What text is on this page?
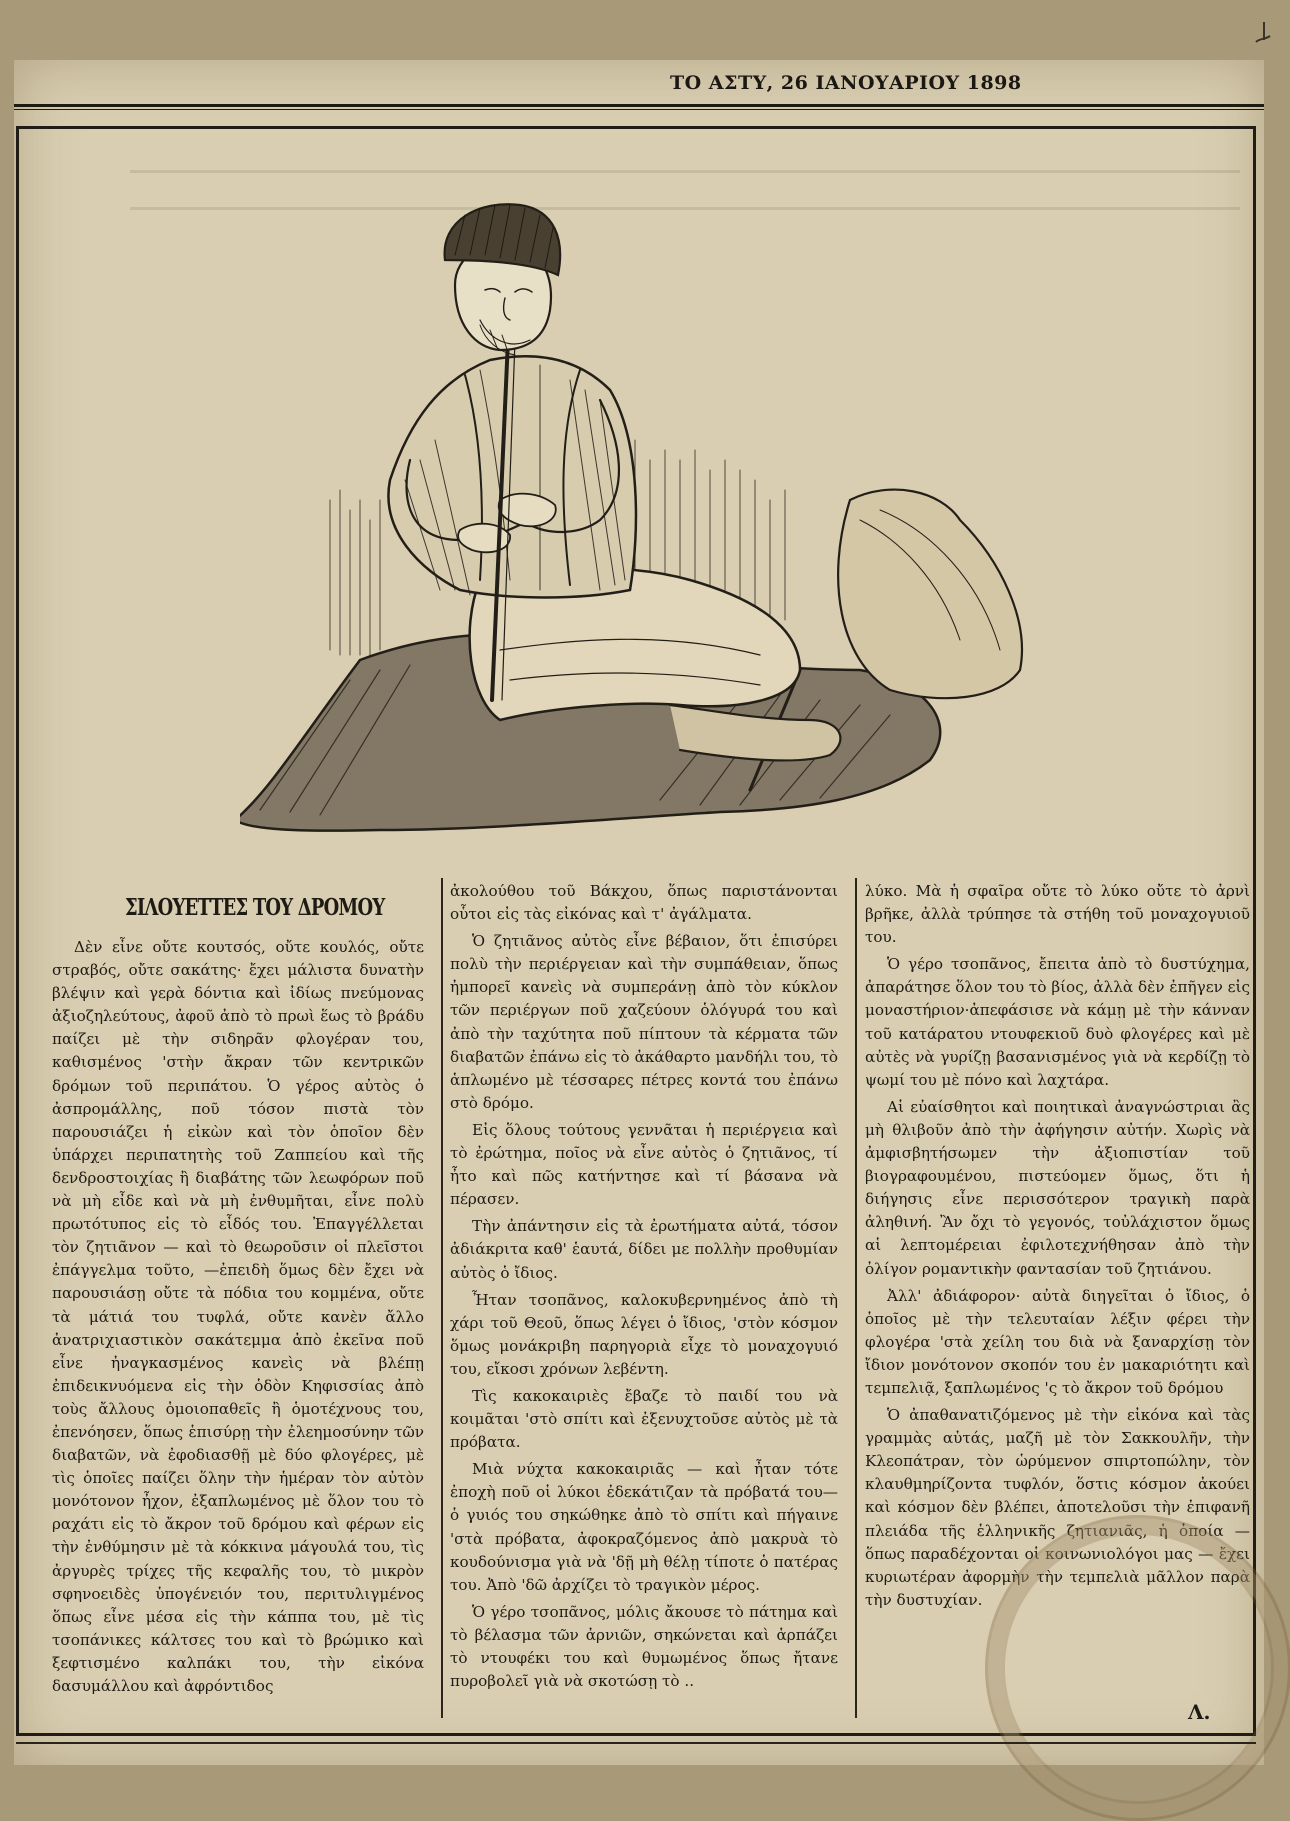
ΤΟ ΑΣΤΥ, 26 ΙΑΝΟΥΑΡΙΟΥ 1898

Δὲν εἶνε οὔτε κουτσός, οὔτε κουλός, οὔτε στραβός, οὔτε σακάτης· ἔχει μάλιστα δυνατὴν βλέψιν καὶ γερὰ δόντια καὶ ἰδίως πνεύμονας ἀξιοζηλεύτους, ἀφοῦ ἀπὸ τὸ πρωὶ ἕως τὸ βράδυ παίζει μὲ τὴν σιδηρᾶν φλογέραν του, καθισμένος 'στὴν ἄκραν τῶν κεντρικῶν δρόμων τοῦ περιπάτου. Ὁ γέρος αὐτὸς ὁ ἀσπρομάλλης, ποῦ τόσον πιστὰ τὸν παρουσιάζει ἡ εἰκὼν καὶ τὸν ὁποῖον δὲν ὑπάρχει περιπατητὴς τοῦ Ζαππείου καὶ τῆς δενδροστοιχίας ἢ διαβάτης τῶν λεωφόρων ποῦ νὰ μὴ εἶδε καὶ νὰ μὴ ἐνθυμῆται, εἶνε πολὺ πρωτότυπος εἰς τὸ εἶδός του. Ἐπαγγέλλεται τὸν ζητιᾶνον — καὶ τὸ θεωροῦσιν οἱ πλεῖστοι ἐπάγγελμα τοῦτο, —ἐπειδὴ ὅμως δὲν ἔχει νὰ παρουσιάσῃ οὔτε τὰ πόδια του κομμένα, οὔτε τὰ μάτιά του τυφλά, οὔτε κανὲν ἄλλο ἀνατριχιαστικὸν σακάτεμμα ἀπὸ ἐκεῖνα ποῦ εἶνε ἠναγκασμένος κανεὶς νὰ βλέπῃ ἐπιδεικνυόμενα εἰς τὴν ὁδὸν Κηφισσίας ἀπὸ τοὺς ἄλλους ὁμοιοπαθεῖς ἢ ὁμοτέχνους του, ἐπενόησεν, ὅπως ἑπισύρῃ τὴν ἐλεημοσύνην τῶν διαβατῶν, νὰ ἐφοδιασθῇ μὲ δύο φλογέρες, μὲ τὶς ὁποῖες παίζει ὅλην τὴν ἡμέραν τὸν αὐτὸν μονότονον ἦχον, ἐξαπλωμένος μὲ ὅλον του τὸ ραχάτι εἰς τὸ ἄκρον τοῦ δρόμου καὶ φέρων εἰς τὴν ἐνθύμησιν μὲ τὰ κόκκινα μάγουλά του, τὶς ἀργυρὲς τρίχες τῆς κεφαλῆς του, τὸ μικρὸν σφηνοειδὲς ὑπογένειόν του, περιτυλιγμένος ὅπως εἶνε μέσα εἰς τὴν κάππα του, μὲ τὶς τσοπάνικες κάλτσες του καὶ τὸ βρώμικο καὶ ξεφτισμένο καλπάκι του, τὴν εἰκόνα δασυμάλλου καὶ ἀφρόντιδος

ΣΙΛΟΥΕΤΤΕΣ ΤΟΥ ΔΡΟΜΟΥ

ἀκολούθου τοῦ Βάκχου, ὅπως παριστάνονται οὗτοι εἰς τὰς εἰκόνας καὶ τ' ἀγάλματα.

Ὁ ζητιᾶνος αὐτὸς εἶνε βέβαιον, ὅτι ἐπισύρει πολὺ τὴν περιέργειαν καὶ τὴν συμπάθειαν, ὅπως ἠμπορεῖ κανεὶς νὰ συμπεράνῃ ἀπὸ τὸν κύκλον τῶν περιέργων ποῦ χαζεύουν ὁλόγυρά του καὶ ἀπὸ τὴν ταχύτητα ποῦ πίπτουν τὰ κέρματα τῶν διαβατῶν ἐπάνω εἰς τὸ ἀκάθαρτο μανδήλι του, τὸ ἁπλωμένο μὲ τέσσαρες πέτρες κοντά του ἐπάνω στὸ δρόμο.

Εἰς ὅλους τούτους γεννᾶται ἡ περιέργεια καὶ τὸ ἐρώτημα, ποῖος νὰ εἶνε αὐτὸς ὁ ζητιᾶνος, τί ἦτο καὶ πῶς κατήντησε καὶ τί βάσανα νὰ πέρασεν.

Τὴν ἀπάντησιν εἰς τὰ ἐρωτήματα αὐτά, τόσον ἀδιάκριτα καθ' ἑαυτά, δίδει με πολλὴν προθυμίαν αὐτὸς ὁ ἴδιος.

Ἦταν τσοπᾶνος, καλοκυβερνημένος ἀπὸ τὴ χάρι τοῦ Θεοῦ, ὅπως λέγει ὁ ἴδιος, 'στὸν κόσμον ὅμως μονάκριβη παρηγοριὰ εἶχε τὸ μοναχογυιό του, εἴκοσι χρόνων λεβέντη.

Τὶς κακοκαιριὲς ἔβαζε τὸ παιδί του νὰ κοιμᾶται 'στὸ σπίτι καὶ ἐξενυχτοῦσε αὐτὸς μὲ τὰ πρόβατα.

Μιὰ νύχτα κακοκαιριᾶς — καὶ ἦταν τότε ἐποχὴ ποῦ οἱ λύκοι ἐδεκάτιζαν τὰ πρόβατά του—ὁ γυιός του σηκώθηκε ἀπὸ τὸ σπίτι καὶ πήγαινε 'στὰ πρόβατα, ἀφοκραζόμενος ἀπὸ μακρυὰ τὸ κουδούνισμα γιὰ νὰ 'δῇ μὴ θέλῃ τίποτε ὁ πατέρας του. Ἀπὸ 'δῶ ἀρχίζει τὸ τραγικὸν μέρος.

Ὁ γέρο τσοπᾶνος, μόλις ἄκουσε τὸ πάτημα καὶ τὸ βέλασμα τῶν ἀρνιῶν, σηκώνεται καὶ ἁρπάζει τὸ ντουφέκι του καὶ θυμωμένος ὅπως ἤτανε πυροβολεῖ γιὰ νὰ σκοτώσῃ τὸ ..

λύκο. Μὰ ἡ σφαῖρα οὔτε τὸ λύκο οὔτε τὸ ἀρνὶ βρῆκε, ἀλλὰ τρύπησε τὰ στήθη τοῦ μοναχογυιοῦ του.

Ὁ γέρο τσοπᾶνος, ἔπειτα ἀπὸ τὸ δυστύχημα, ἀπαράτησε ὅλον του τὸ βίος, ἀλλὰ δὲν ἐπῆγεν εἰς μοναστήριον·ἀπεφάσισε νὰ κάμῃ μὲ τὴν κάνναν τοῦ κατάρατου ντουφεκιοῦ δυὸ φλογέρες καὶ μὲ αὐτὲς νὰ γυρίζῃ βασανισμένος γιὰ νὰ κερδίζῃ τὸ ψωμί του μὲ πόνο καὶ λαχτάρα.

Αἱ εὐαίσθητοι καὶ ποιητικαὶ ἀναγνώστριαι ἂς μὴ θλιβοῦν ἀπὸ τὴν ἀφήγησιν αὐτήν. Χωρὶς νὰ ἀμφισβητήσωμεν τὴν ἀξιοπιστίαν τοῦ βιογραφουμένου, πιστεύομεν ὅμως, ὅτι ἡ διήγησις εἶνε περισσότερον τραγικὴ παρὰ ἀληθινή. Ἂν ὄχι τὸ γεγονός, τοὐλάχιστον ὅμως αἱ λεπτομέρειαι ἐφιλοτεχνήθησαν ἀπὸ τὴν ὀλίγον ρομαντικὴν φαντασίαν τοῦ ζητιάνου.

Ἀλλ' ἀδιάφορον· αὐτὰ διηγεῖται ὁ ἴδιος, ὁ ὁποῖος μὲ τὴν τελευταίαν λέξιν φέρει τὴν φλογέρα 'στὰ χείλη του διὰ νὰ ξαναρχίσῃ τὸν ἴδιον μονότονον σκοπόν του ἐν μακαριότητι καὶ τεμπελιᾷ, ξαπλωμένος 'ς τὸ ἄκρον τοῦ δρόμου

Ὁ ἀπαθανατιζόμενος μὲ τὴν εἰκόνα καὶ τὰς γραμμὰς αὐτάς, μαζῆ μὲ τὸν Σακκουλῆν, τὴν Κλεοπάτραν, τὸν ὡρύμενον σπιρτοπώλην, τὸν κλαυθμηρίζοντα τυφλόν, ὅστις κόσμον ἀκούει καὶ κόσμον δὲν βλέπει, ἀποτελοῦσι τὴν ἐπιφανῆ πλειάδα τῆς ἑλληνικῆς ζητιανιᾶς, ἡ ὁποία — ὅπως παραδέχονται οἱ κοινωνιολόγοι μας — ἔχει κυριωτέραν ἀφορμὴν τὴν τεμπελιὰ μᾶλλον παρὰ τὴν δυστυχίαν.

Λ.
